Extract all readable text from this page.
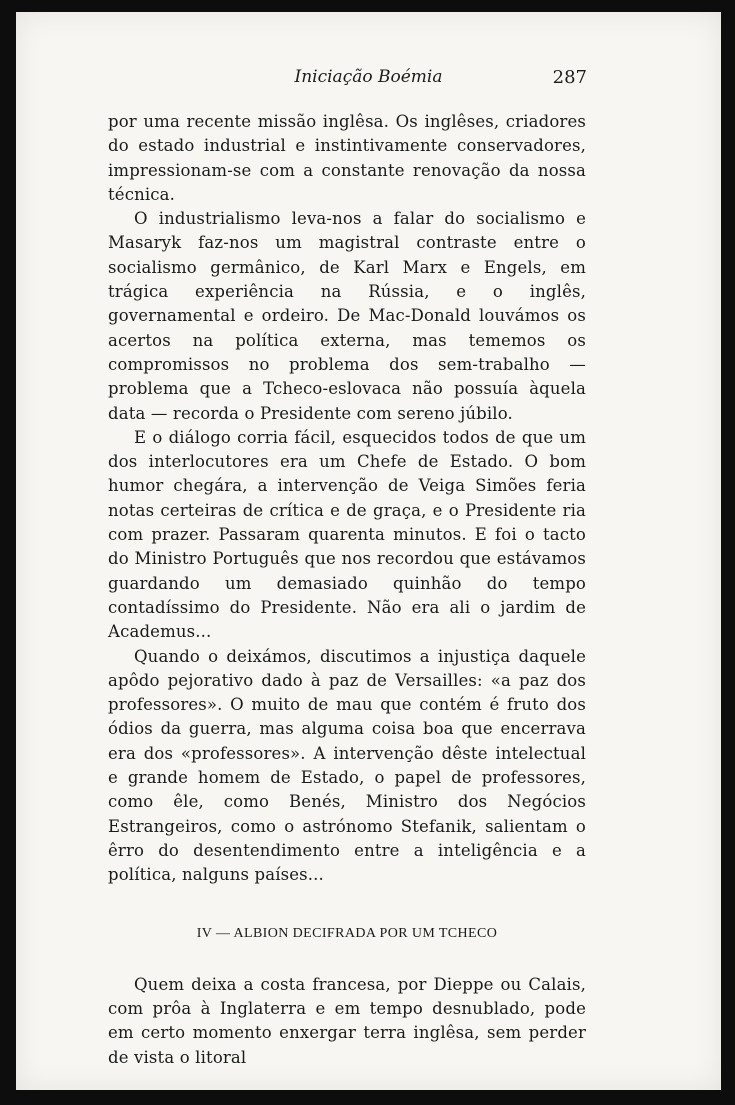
Iniciação Boémia	287

por uma recente missão inglêsa. Os inglêses, criadores do estado industrial e instintivamente conservadores, impressionam-se com a constante renovação da nossa técnica.

O industrialismo leva-nos a falar do socialismo e Masaryk faz-nos um magistral contraste entre o socialismo germânico, de Karl Marx e Engels, em trágica experiência na Rússia, e o inglês, governamental e ordeiro. De Mac-Donald louvámos os acertos na política externa, mas tememos os compromissos no problema dos sem-trabalho — problema que a Tcheco-eslovaca não possuía àquela data — recorda o Presidente com sereno júbilo.

E o diálogo corria fácil, esquecidos todos de que um dos interlocutores era um Chefe de Estado. O bom humor chegára, a intervenção de Veiga Simões feria notas certeiras de crítica e de graça, e o Presidente ria com prazer. Passaram quarenta minutos. E foi o tacto do Ministro Português que nos recordou que estávamos guardando um demasiado quinhão do tempo contadíssimo do Presidente. Não era ali o jardim de Academus...

Quando o deixámos, discutimos a injustiça daquele apôdo pejorativo dado à paz de Versailles: «a paz dos professores». O muito de mau que contém é fruto dos ódios da guerra, mas alguma coisa boa que encerrava era dos «professores». A intervenção dêste intelectual e grande homem de Estado, o papel de professores, como êle, como Benés, Ministro dos Negócios Estrangeiros, como o astrónomo Stefanik, salientam o êrro do desentendimento entre a inteligência e a política, nalguns países...

IV — ALBION DECIFRADA POR UM TCHECO

Quem deixa a costa francesa, por Dieppe ou Calais, com prôa à Inglaterra e em tempo desnublado, pode em certo momento enxergar terra inglêsa, sem perder de vista o litoral
